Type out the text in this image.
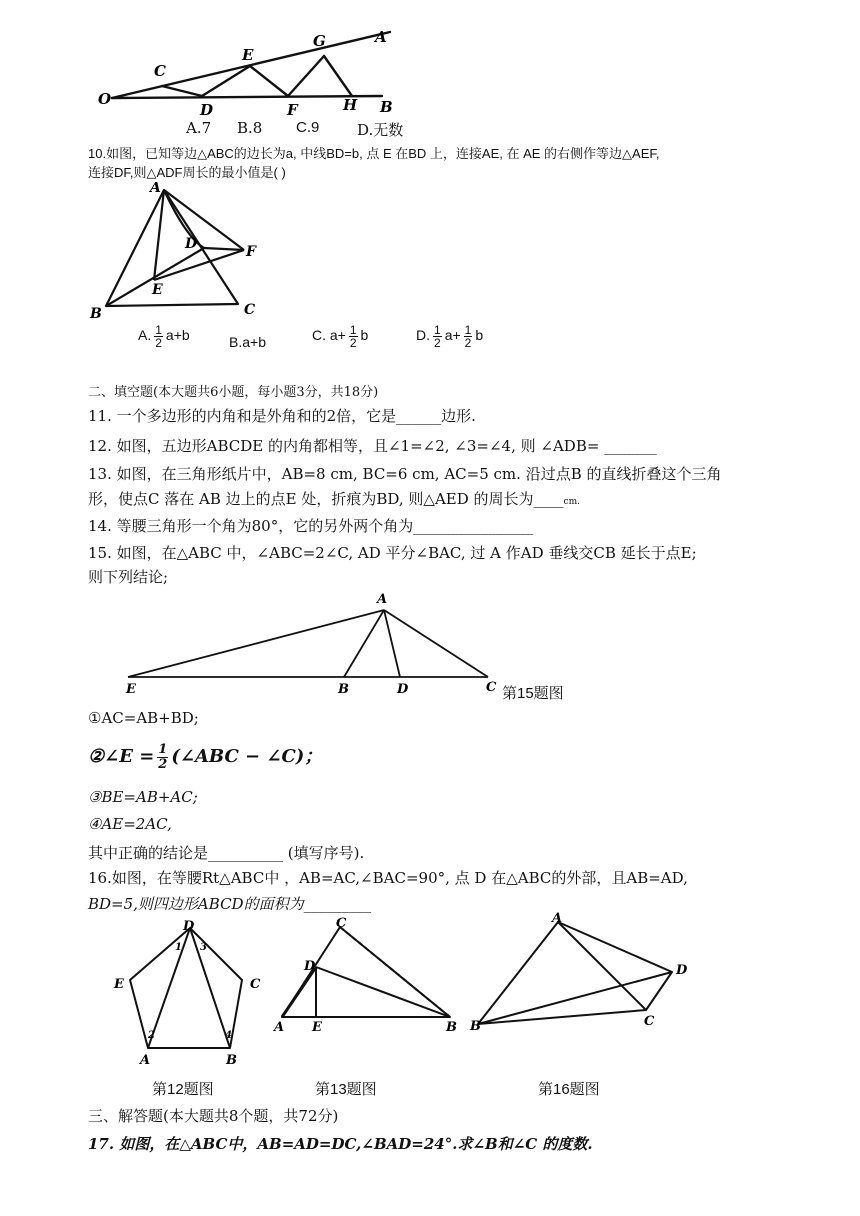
O
C
E
G	A
D	F	H B
A.7 B.8 C.9	D.无数
10.如图，已知等边△ABC的边长为a, 中线BD=b, 点 E 在BD 上，连接AE, 在 AE 的右侧作等边△AEF,
连接DF,则△ADF周长的最小值是( )
A
D	F
E
B	C
A. $\frac{1}{2} a+b$	B.a+b	C. $a+ \frac{1}{2}$ b	D. $\frac{1}{2} a+ \frac{1}{2}$ b
二、填空题(本大题共6小题，每小题3分，共18分)
11. 一个多边形的内角和是外角和的2倍，它是______边形.
12. 如图，五边形ABCDE 的内角都相等，且∠1=∠2, ∠3=∠4, 则 ∠ADB= _______
13. 如图，在三角形纸片中，AB=8 cm, BC=6 cm, AC=5 cm. 沿过点B 的直线折叠这个三角
形，使点C 落在 AB 边上的点E 处，折痕为BD, 则△AED 的周长为____cm.
14. 等腰三角形一个角为80°，它的另外两个角为________________
15. 如图，在△ABC 中，∠ABC=2∠C, AD 平分∠BAC, 过 A 作AD 垂线交CB 延长于点E;
则下列结论;
A
E	B	D	C 第15题图
①AC=AB+BD;
②∠E = $\frac{1}{2}$ (∠ABC − ∠C)；
③BE=AB+AC;
④AE=2AC,
其中正确的结论是__________ (填写序号).
16.如图，在等腰Rt△ABC中 ，AB=AC,∠BAC=90°, 点 D 在△ABC的外部，且AB=AD,
BD=5,则四边形ABCD的面积为_________
D
E	C
A	B
1 3
2	4
C
D
A E	B
A
D
B	C
第12题图	第13题图	第16题图
三、解答题(本大题共8个题，共72分)
17. 如图，在△ABC中，AB=AD=DC,∠BAD=24°.求∠B和∠C 的度数.
